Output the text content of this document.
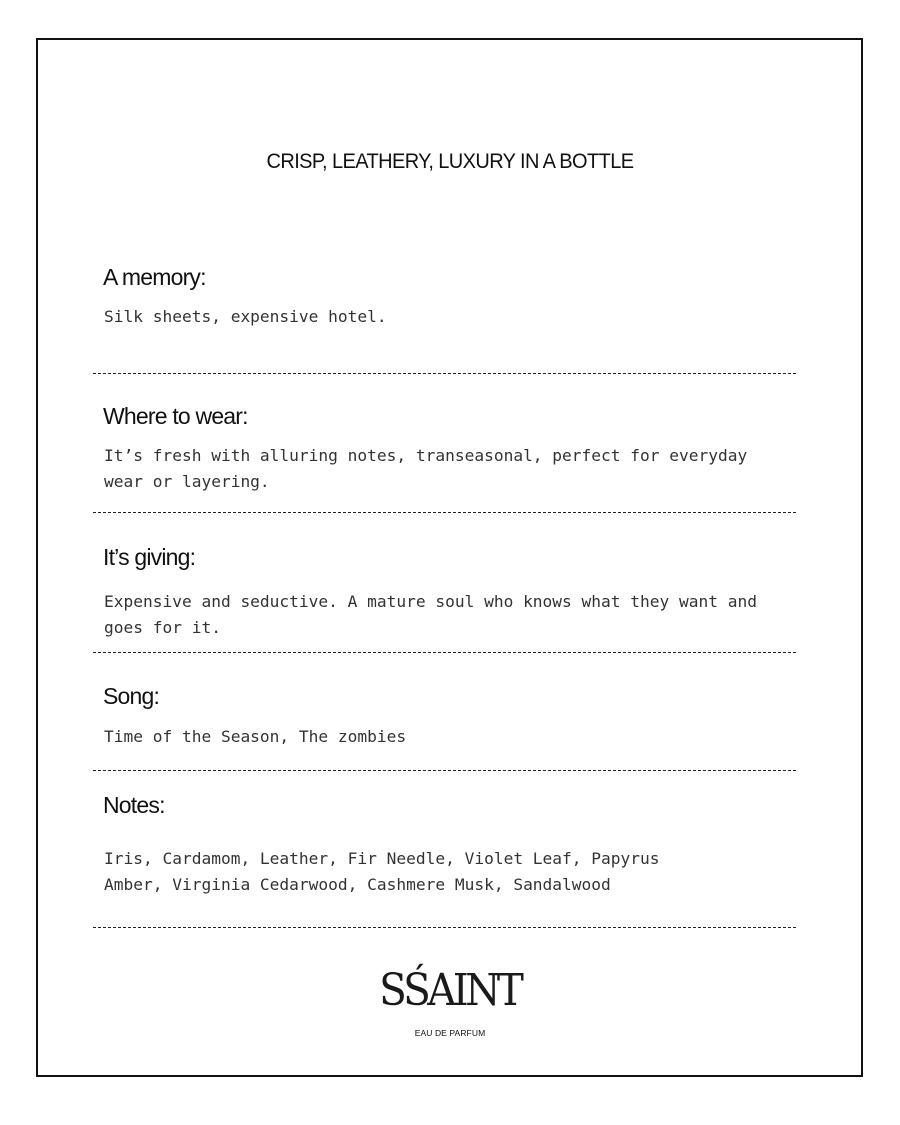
CRISP, LEATHERY, LUXURY IN A BOTTLE
A memory:
Silk sheets, expensive hotel.
Where to wear:
It’s fresh with alluring notes, transeasonal, perfect for everyday
wear or layering.
It’s giving:
Expensive and seductive. A mature soul who knows what they want and
goes for it.
Song:
Time of the Season, The zombies
Notes:
Iris, Cardamom, Leather, Fir Needle, Violet Leaf, Papyrus
Amber, Virginia Cedarwood, Cashmere Musk, Sandalwood
SŚAINT
EAU DE PARFUM
